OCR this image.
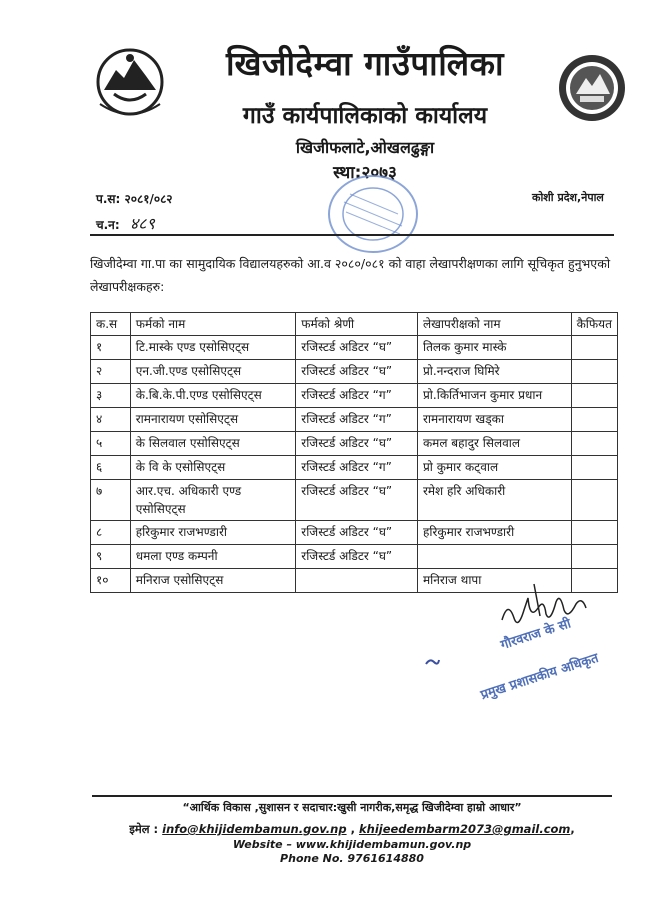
खिजीदेम्वा गाउँपालिका
गाउँ कार्यपालिकाको कार्यालय
खिजीफलाटे,ओखलढुङ्गा
स्था:२०७३
प.स: २०८१/०८२
च.न: ४८९
कोशी प्रदेश,नेपाल
खिजीदेम्वा गा.पा का सामुदायिक विद्यालयहरुको आ.व २०८०/०८१ को वाहा लेखापरीक्षणका लागि सूचिकृत हुनुभएको लेखापरीक्षकहरु:
क.स	फर्मको नाम	फर्मको श्रेणी	लेखापरीक्षको नाम	कैफियत
१	टि.मास्के एण्ड एसोसिएट्स	रजिस्टर्ड अडिटर “घ”	तिलक कुमार मास्के	
२	एन.जी.एण्ड एसोसिएट्स	रजिस्टर्ड अडिटर “घ”	प्रो.नन्दराज घिमिरे	
३	के.बि.के.पी.एण्ड एसोसिएट्स	रजिस्टर्ड अडिटर “ग”	प्रो.किर्तिभाजन कुमार प्रधान	
४	रामनारायण एसोसिएट्स	रजिस्टर्ड अडिटर “ग”	रामनारायण खड्का	
५	के सिलवाल एसोसिएट्स	रजिस्टर्ड अडिटर “घ”	कमल बहादुर सिलवाल	
६	के वि के एसोसिएट्स	रजिस्टर्ड अडिटर “ग”	प्रो कुमार कट्वाल	
७	आर.एच. अधिकारी एण्ड एसोसिएट्स	रजिस्टर्ड अडिटर “घ”	रमेश हरि अधिकारी	
८	हरिकुमार राजभण्डारी	रजिस्टर्ड अडिटर “घ”	हरिकुमार राजभण्डारी	
९	धमला एण्ड कम्पनी	रजिस्टर्ड अडिटर “घ”		
१०	मनिराज एसोसिएट्स		मनिराज थापा	
गौरवराज के सी
प्रमुख प्रशासकीय अधिकृत
“आर्थिक विकास ,सुशासन र सदाचार:खुसी नागरीक,समृद्ध खिजीदेम्वा हाम्रो आधार”
इमेल : info@khijidembamun.gov.np , khijeedembarm2073@gmail.com,
Website – www.khijidembamun.gov.np
Phone No. 9761614880
